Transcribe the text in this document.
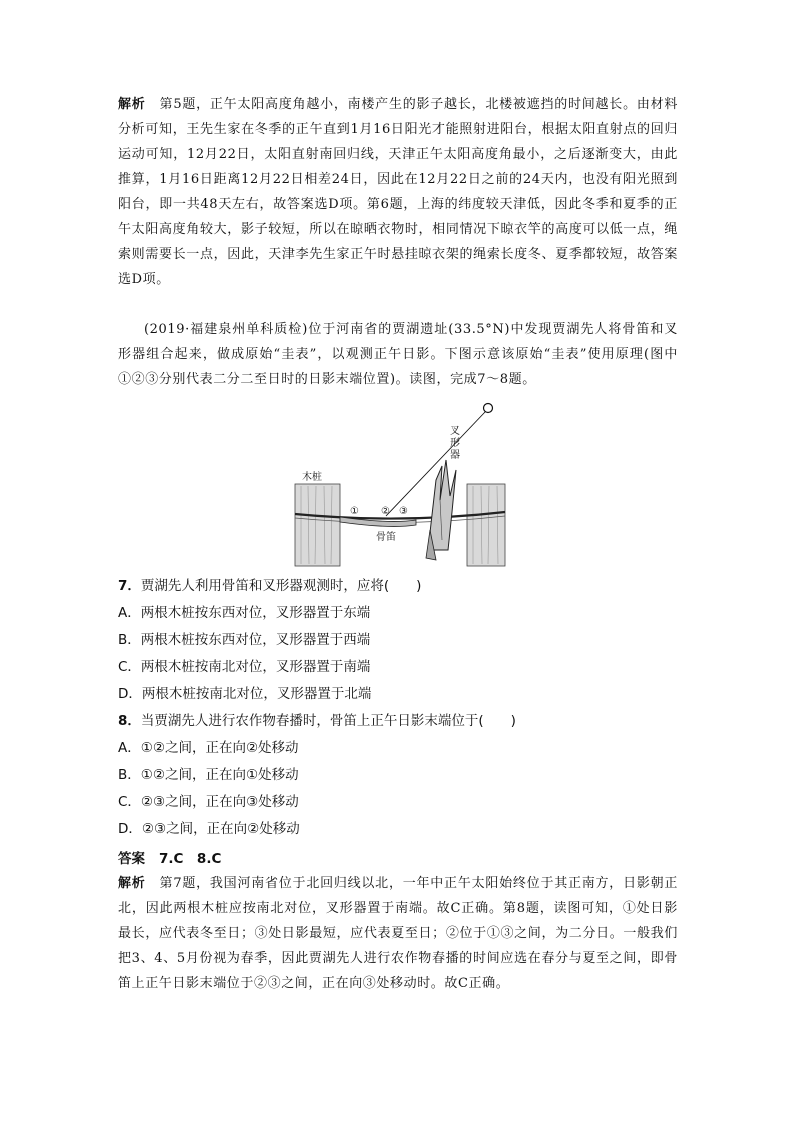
解析 第5题，正午太阳高度角越小，南楼产生的影子越长，北楼被遮挡的时间越长。由材料分析可知，王先生家在冬季的正午直到1月16日阳光才能照射进阳台，根据太阳直射点的回归运动可知，12月22日，太阳直射南回归线，天津正午太阳高度角最小，之后逐渐变大，由此推算，1月16日距离12月22日相差24日，因此在12月22日之前的24天内，也没有阳光照到阳台，即一共48天左右，故答案选D项。第6题，上海的纬度较天津低，因此冬季和夏季的正午太阳高度角较大，影子较短，所以在晾晒衣物时，相同情况下晾衣竿的高度可以低一点，绳索则需要长一点，因此，天津李先生家正午时悬挂晾衣架的绳索长度冬、夏季都较短，故答案选D项。
(2019·福建泉州单科质检)位于河南省的贾湖遗址(33.5°N)中发现贾湖先人将骨笛和叉形器组合起来，做成原始“圭表”，以观测正午日影。下图示意该原始“圭表”使用原理(图中①②③分别代表二分二至日时的日影末端位置)。读图，完成7～8题。
① ② ③
木桩
骨笛
叉
形
器
7．贾湖先人利用骨笛和叉形器观测时，应将(　　)
A．两根木桩按东西对位，叉形器置于东端
B．两根木桩按东西对位，叉形器置于西端
C．两根木桩按南北对位，叉形器置于南端
D．两根木桩按南北对位，叉形器置于北端
8．当贾湖先人进行农作物春播时，骨笛上正午日影末端位于(　　)
A．①②之间，正在向②处移动
B．①②之间，正在向①处移动
C．②③之间，正在向③处移动
D．②③之间，正在向②处移动
答案 7.C　8.C
解析 第7题，我国河南省位于北回归线以北，一年中正午太阳始终位于其正南方，日影朝正北，因此两根木桩应按南北对位，叉形器置于南端。故C正确。第8题，读图可知，①处日影最长，应代表冬至日；③处日影最短，应代表夏至日；②位于①③之间，为二分日。一般我们把3、4、5月份视为春季，因此贾湖先人进行农作物春播的时间应选在春分与夏至之间，即骨笛上正午日影末端位于②③之间，正在向③处移动时。故C正确。
